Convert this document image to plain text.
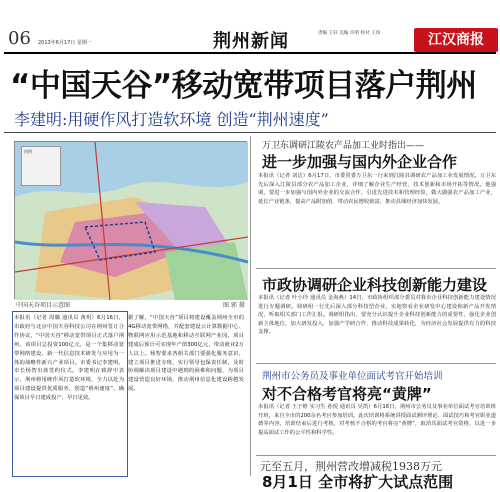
06 2013年6月17日 星期一	荆州新闻	责编 王轩 美编 许明 校对 王珍	江汉商报
“中国天谷”移动宽带项目落户荆州
李建明:用硬作风打造软环境 创造“荆州速度”
图例
中国天谷项目示意图	图 郭 摄
本报讯（记者 周璐 通讯员 黄玥）6月16日，市政府与北京中国天谷科技公司在荆州签订合作协议，“中国天谷”移动宽带项目正式落户荆州。该项目总投资100亿元，是一个集移动宽带网络建设、新一代信息技术研发与应用为一体的战略性新兴产业项目。市委书记李建明，市长杨智出席签约仪式。李建明在致辞中表示，荆州将用硬作风打造软环境，全力以赴为项目建设提供优质服务，创造“荆州速度”，确保项目早日建成投产、早日见效。
据了解，“中国天谷”项目将建设覆盖荆州全市的4G移动宽带网络，并配套建设云计算数据中心、物联网应用示范基地和移动互联网产业园，项目建成后预计可实现年产值300亿元，带动就业2万人以上。杨智要求各相关部门要强化服务意识，建立项目推进专班，实行领导包保责任制，及时协调解决项目建设中遇到的困难和问题，为项目建设营造良好环境，推动荆州信息化建设跨越发展。
万卫东调研江陵农产品加工业时指出——
进一步加强与国内外企业合作
本报讯（记者 刘洁）6月17日，市委常委万卫东一行来到江陵县调研农产品加工业发展情况。万卫东先后深入江陵县部分农产品加工企业，详细了解企业生产经营、技术创新和市场开拓等情况。他强调，要进一步加强与国内外企业的交流合作，引进先进技术和管理经验，做大做强农产品加工产业，延长产业链条，提高产品附加值，带动农民增收致富，推动县域经济加快发展。
市政协调研企业科技创新能力建设
本报讯（记者 叶小玲 通讯员 金海燕）14日，市政协组织部分委员对我市企业科技创新能力建设情况进行专题调研。调研组一行先后深入部分科技型企业，实地察看企业研发中心建设和新产品开发情况，听取相关部门工作汇报。调研组指出，要充分认识提升企业科技创新能力的重要性，强化企业创新主体地位，加大研发投入，加强产学研合作，推动科技成果转化，为经济社会发展提供有力的科技支撑。
荆州市公务员及事业单位面试考官开始培训
对不合格考官将亮“黄牌”
本报讯（记者 王子维 实习生 孙悦 通讯员 吴凯）6月16日，荆州市公务员及事业单位面试考官培训班开班，来自全市的200余名考官参加培训。此次培训将系统讲授面试测评理论、面试技巧和考官职业道德等内容，培训结束后进行考核，对考核不合格的考官将亮“黄牌”，取消其面试考官资格，以进一步提高面试工作的公平性和科学性。
元至五月，荆州营改增减税1938万元
8月1日 全市将扩大试点范围
